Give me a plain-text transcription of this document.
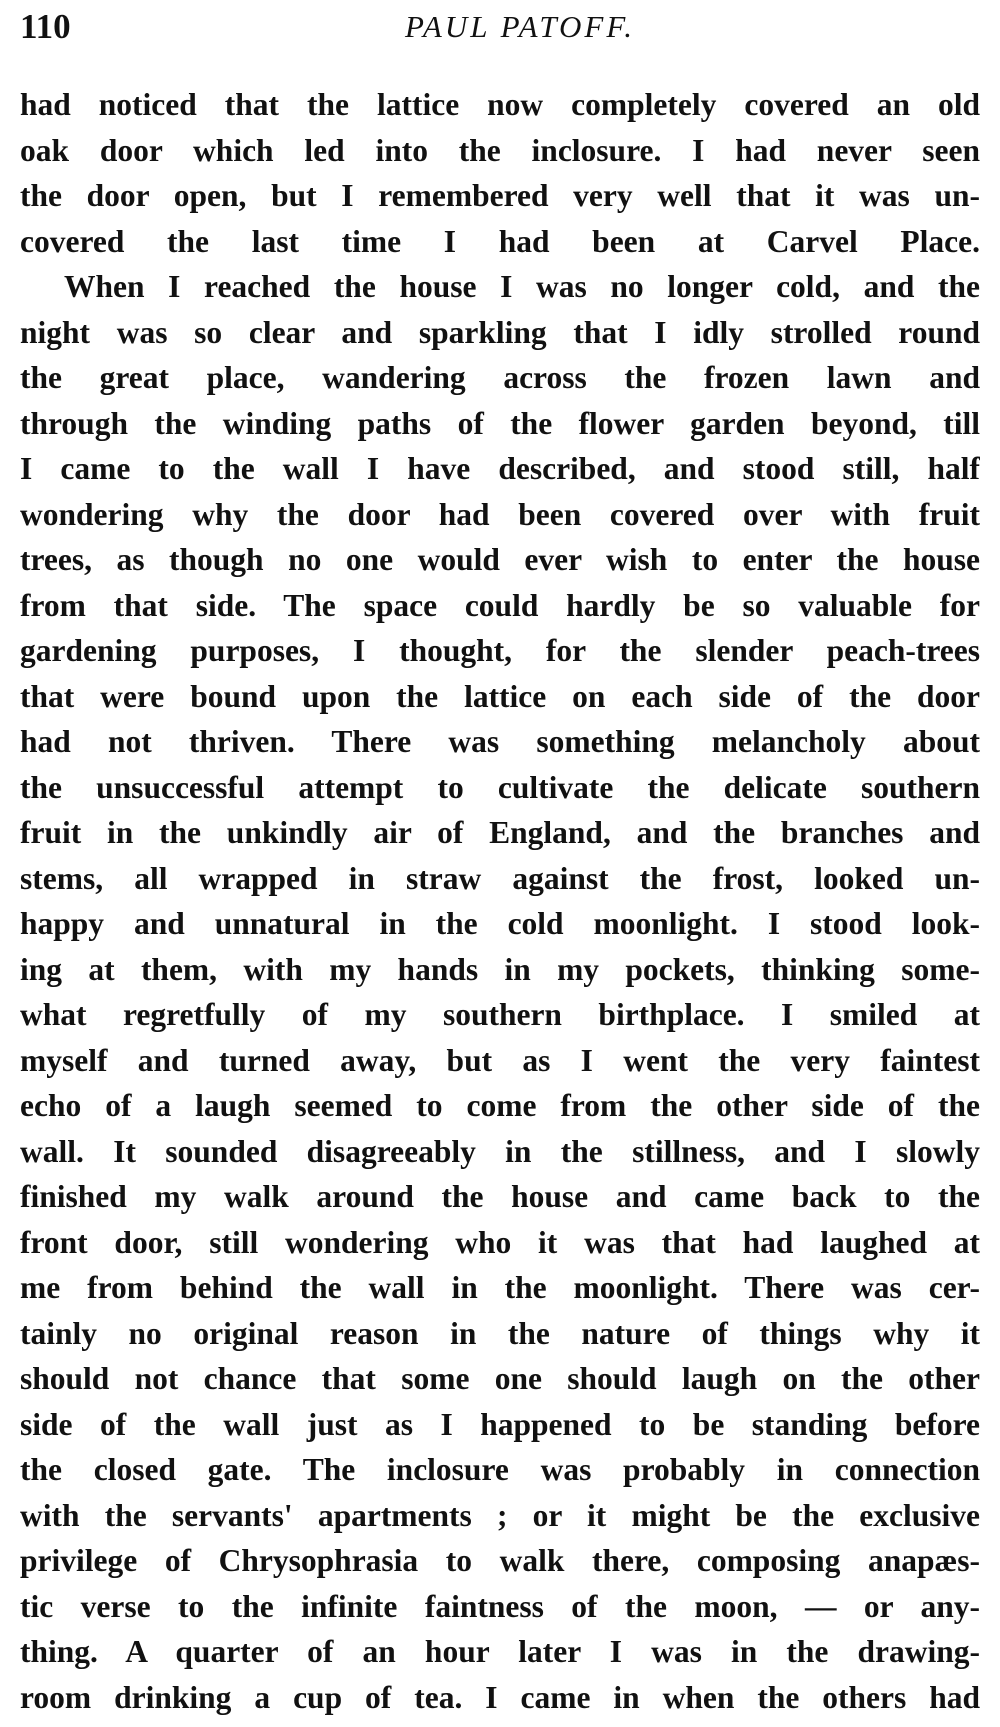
110	PAUL PATOFF.
had noticed that the lattice now completely covered an old
oak door which led into the inclosure. I had never seen
the door open, but I remembered very well that it was un-
covered the last time I had been at Carvel Place.
When I reached the house I was no longer cold, and the
night was so clear and sparkling that I idly strolled round
the great place, wandering across the frozen lawn and
through the winding paths of the flower garden beyond, till
I came to the wall I have described, and stood still, half
wondering why the door had been covered over with fruit
trees, as though no one would ever wish to enter the house
from that side. The space could hardly be so valuable for
gardening purposes, I thought, for the slender peach-trees
that were bound upon the lattice on each side of the door
had not thriven. There was something melancholy about
the unsuccessful attempt to cultivate the delicate southern
fruit in the unkindly air of England, and the branches and
stems, all wrapped in straw against the frost, looked un-
happy and unnatural in the cold moonlight. I stood look-
ing at them, with my hands in my pockets, thinking some-
what regretfully of my southern birthplace. I smiled at
myself and turned away, but as I went the very faintest
echo of a laugh seemed to come from the other side of the
wall. It sounded disagreeably in the stillness, and I slowly
finished my walk around the house and came back to the
front door, still wondering who it was that had laughed at
me from behind the wall in the moonlight. There was cer-
tainly no original reason in the nature of things why it
should not chance that some one should laugh on the other
side of the wall just as I happened to be standing before
the closed gate. The inclosure was probably in connection
with the servants' apartments ; or it might be the exclusive
privilege of Chrysophrasia to walk there, composing anapæs-
tic verse to the infinite faintness of the moon, — or any-
thing. A quarter of an hour later I was in the drawing-
room drinking a cup of tea. I came in when the others had
